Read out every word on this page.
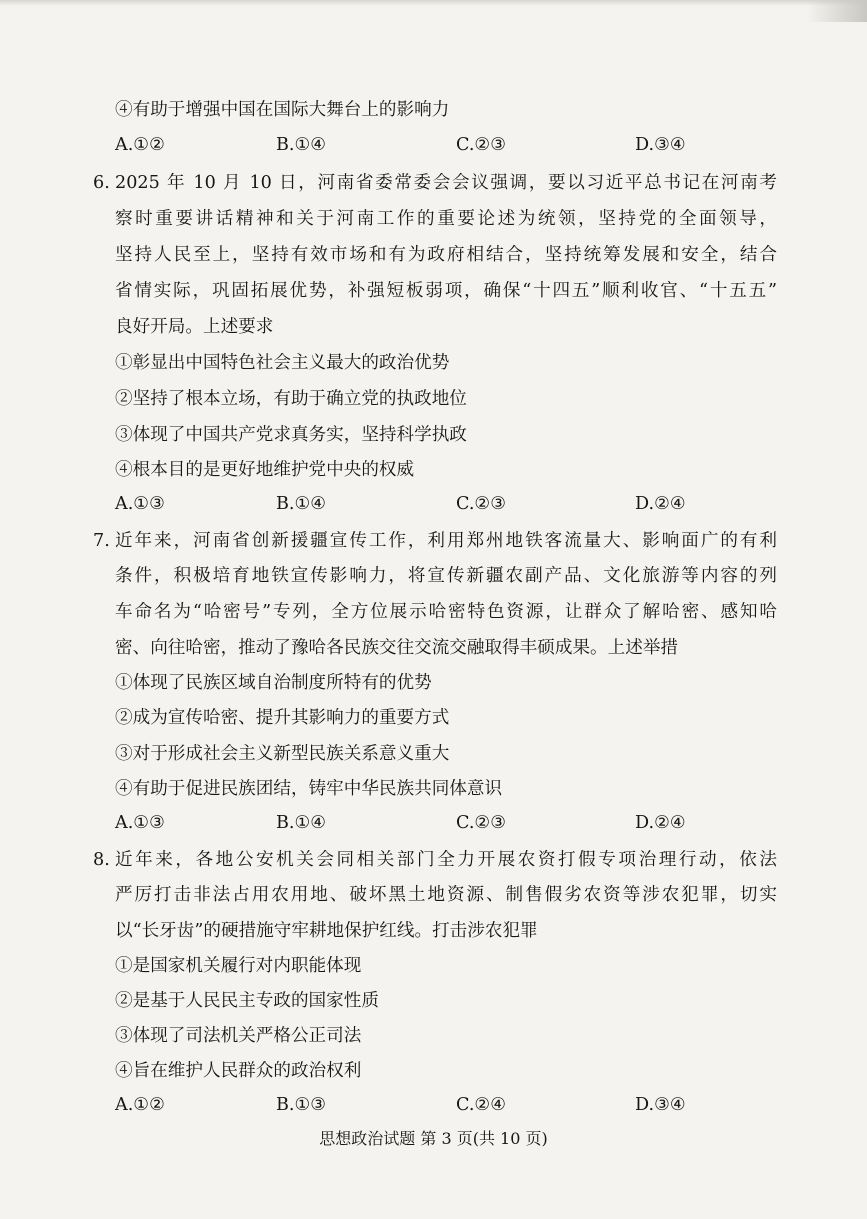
④有助于增强中国在国际大舞台上的影响力
A.①②	B.①④	C.②③	D.③④
6. 2025 年 10 月 10 日，河南省委常委会会议强调，要以习近平总书记在河南考
察时重要讲话精神和关于河南工作的重要论述为统领，坚持党的全面领导，
坚持人民至上，坚持有效市场和有为政府相结合，坚持统筹发展和安全，结合
省情实际，巩固拓展优势，补强短板弱项，确保“十四五”顺利收官、“十五五”
良好开局。上述要求
①彰显出中国特色社会主义最大的政治优势
②坚持了根本立场，有助于确立党的执政地位
③体现了中国共产党求真务实，坚持科学执政
④根本目的是更好地维护党中央的权威
A.①③	B.①④	C.②③	D.②④
7. 近年来，河南省创新援疆宣传工作，利用郑州地铁客流量大、影响面广的有利
条件，积极培育地铁宣传影响力，将宣传新疆农副产品、文化旅游等内容的列
车命名为“哈密号”专列，全方位展示哈密特色资源，让群众了解哈密、感知哈
密、向往哈密，推动了豫哈各民族交往交流交融取得丰硕成果。上述举措
①体现了民族区域自治制度所特有的优势
②成为宣传哈密、提升其影响力的重要方式
③对于形成社会主义新型民族关系意义重大
④有助于促进民族团结，铸牢中华民族共同体意识
A.①③	B.①④	C.②③	D.②④
8. 近年来，各地公安机关会同相关部门全力开展农资打假专项治理行动，依法
严厉打击非法占用农用地、破坏黑土地资源、制售假劣农资等涉农犯罪，切实
以“长牙齿”的硬措施守牢耕地保护红线。打击涉农犯罪
①是国家机关履行对内职能体现
②是基于人民民主专政的国家性质
③体现了司法机关严格公正司法
④旨在维护人民群众的政治权利
A.①②	B.①③	C.②④	D.③④
思想政治试题 第 3 页(共 10 页)
